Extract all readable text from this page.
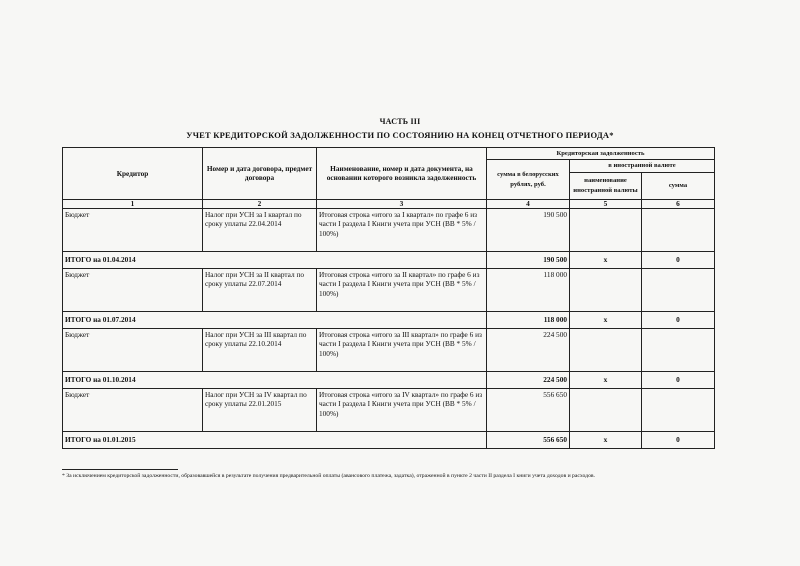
ЧАСТЬ III
УЧЕТ КРЕДИТОРСКОЙ ЗАДОЛЖЕННОСТИ ПО СОСТОЯНИЮ НА КОНЕЦ ОТЧЕТНОГО ПЕРИОДА*
Кредитор	Номер и дата договора, предмет договора	Наименование, номер и дата документа, на основании которого возникла задолженность	Кредиторская задолженность		
			сумма в белорусских рублях, руб.	в иностранной валюте	
				наименование иностранной валюты	сумма
1	2	3	4	5	6
Бюджет	Налог при УСН за I квартал по сроку уплаты 22.04.2014	Итоговая строка «итого за I квартал» по графе 6 из части I раздела I Книги учета при УСН (ВВ * 5% / 100%)	190 500		
ИТОГО на 01.04.2014			190 500	х	0
Бюджет	Налог при УСН за II квартал по сроку уплаты 22.07.2014	Итоговая строка «итого за II квартал» по графе 6 из части I раздела I Книги учета при УСН (ВВ * 5% / 100%)	118 000		
ИТОГО на 01.07.2014			118 000	х	0
Бюджет	Налог при УСН за III квартал по сроку уплаты 22.10.2014	Итоговая строка «итого за III квартал» по графе 6 из части I раздела I Книги учета при УСН (ВВ * 5% / 100%)	224 500		
ИТОГО на 01.10.2014			224 500	х	0
Бюджет	Налог при УСН за IV квартал по сроку уплаты 22.01.2015	Итоговая строка «итого за IV квартал» по графе 6 из части I раздела I Книги учета при УСН (ВВ * 5% / 100%)	556 650		
ИТОГО на 01.01.2015			556 650	х	0
* За исключением кредиторской задолженности, образовавшейся в результате получения предварительной оплаты (авансового платежа, задатка), отраженной в пункте 2 части II раздела I книги учета доходов и расходов.
